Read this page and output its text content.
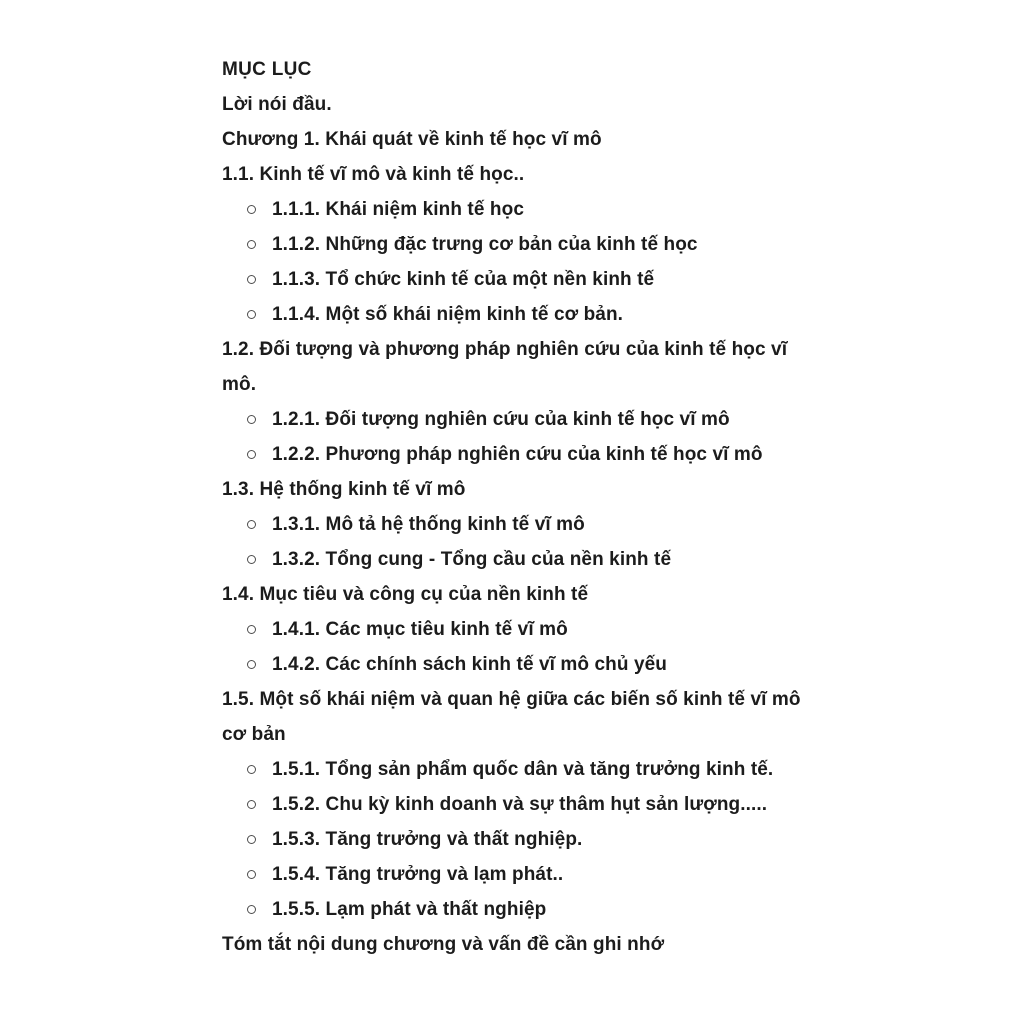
MỤC LỤC
Lời nói đầu.
Chương 1. Khái quát về kinh tế học vĩ mô
1.1. Kinh tế vĩ mô và kinh tế học..
1.1.1. Khái niệm kinh tế học
1.1.2. Những đặc trưng cơ bản của kinh tế học
1.1.3. Tổ chức kinh tế của một nền kinh tế
1.1.4. Một số khái niệm kinh tế cơ bản.
1.2. Đối tượng và phương pháp nghiên cứu của kinh tế học vĩ mô.
1.2.1. Đối tượng nghiên cứu của kinh tế học vĩ mô
1.2.2. Phương pháp nghiên cứu của kinh tế học vĩ mô
1.3. Hệ thống kinh tế vĩ mô
1.3.1. Mô tả hệ thống kinh tế vĩ mô
1.3.2. Tổng cung - Tổng cầu của nền kinh tế
1.4. Mục tiêu và công cụ của nền kinh tế
1.4.1. Các mục tiêu kinh tế vĩ mô
1.4.2. Các chính sách kinh tế vĩ mô chủ yếu
1.5. Một số khái niệm và quan hệ giữa các biến số kinh tế vĩ mô cơ bản
1.5.1. Tổng sản phẩm quốc dân và tăng trưởng kinh tế.
1.5.2. Chu kỳ kinh doanh và sự thâm hụt sản lượng.....
1.5.3. Tăng trưởng và thất nghiệp.
1.5.4. Tăng trưởng và lạm phát..
1.5.5. Lạm phát và thất nghiệp
Tóm tắt nội dung chương và vấn đề cần ghi nhớ
